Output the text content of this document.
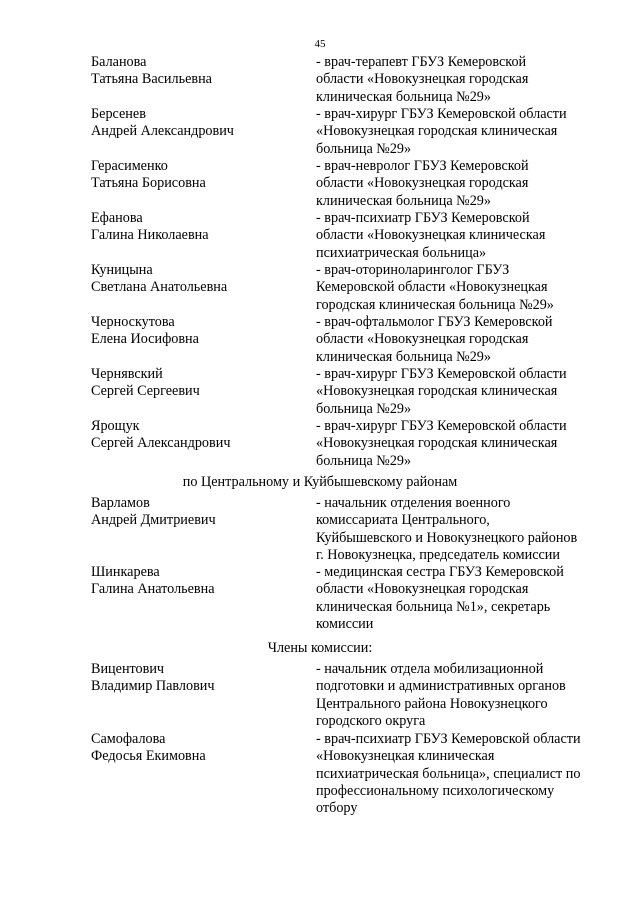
45
Баланова
Татьяна Васильевна
- врач-терапевт ГБУЗ Кемеровской
области «Новокузнецкая городская
клиническая больница №29»
Берсенев
Андрей Александрович
- врач-хирург ГБУЗ Кемеровской области
«Новокузнецкая городская клиническая
больница №29»
Герасименко
Татьяна Борисовна
- врач-невролог ГБУЗ Кемеровской
области «Новокузнецкая городская
клиническая больница №29»
Ефанова
Галина Николаевна
- врач-психиатр ГБУЗ Кемеровской
области «Новокузнецкая клиническая
психиатрическая больница»
Куницына
Светлана Анатольевна
- врач-оториноларинголог ГБУЗ
Кемеровской области «Новокузнецкая
городская клиническая больница №29»
Черноскутова
Елена Иосифовна
- врач-офтальмолог ГБУЗ Кемеровской
области «Новокузнецкая городская
клиническая больница №29»
Чернявский
Сергей Сергеевич
- врач-хирург ГБУЗ Кемеровской области
«Новокузнецкая городская клиническая
больница №29»
Ярощук
Сергей Александрович
- врач-хирург ГБУЗ Кемеровской области
«Новокузнецкая городская клиническая
больница №29»
по Центральному и Куйбышевскому районам
Варламов
Андрей Дмитриевич
- начальник отделения военного
комиссариата Центрального,
Куйбышевского и Новокузнецкого районов
г. Новокузнецка, председатель комиссии
Шинкарева
Галина Анатольевна
- медицинская сестра ГБУЗ Кемеровской
области «Новокузнецкая городская
клиническая больница №1», секретарь
комиссии
Члены комиссии:
Вицентович
Владимир Павлович
- начальник отдела мобилизационной
подготовки и административных органов
Центрального района Новокузнецкого
городского округа
Самофалова
Федосья Екимовна
- врач-психиатр ГБУЗ Кемеровской области
«Новокузнецкая клиническая
психиатрическая больница», специалист по
профессиональному психологическому
отбору
